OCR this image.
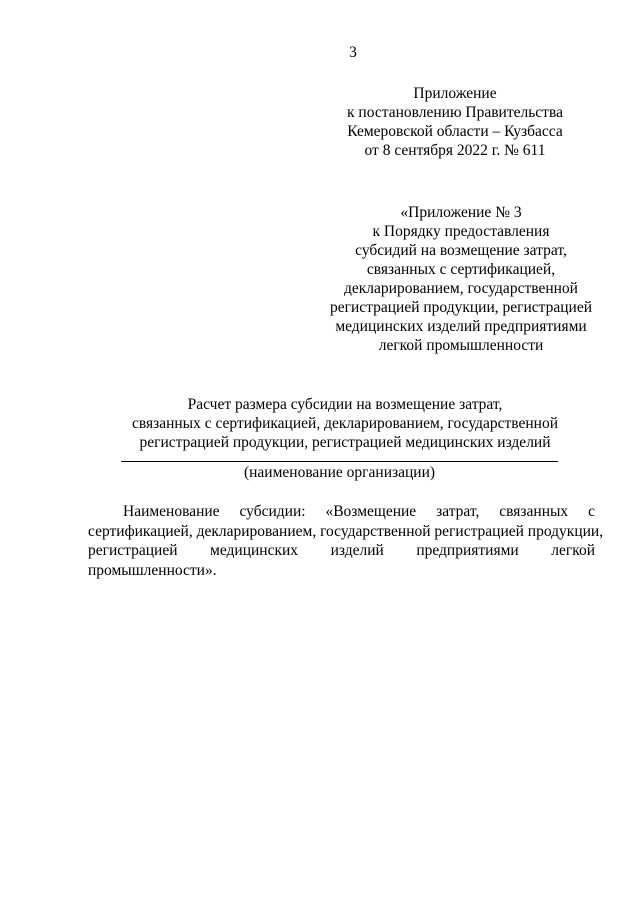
3
Приложение
к постановлению Правительства
Кемеровской области – Кузбасса
от 8 сентября 2022 г. № 611
«Приложение № 3
к Порядку предоставления
субсидий на возмещение затрат,
связанных с сертификацией,
декларированием, государственной
регистрацией продукции, регистрацией
медицинских изделий предприятиями
легкой промышленности
Расчет размера субсидии на возмещение затрат,
связанных с сертификацией, декларированием, государственной
регистрацией продукции, регистрацией медицинских изделий
(наименование организации)
Наименование субсидии: «Возмещение затрат, связанных с
сертификацией, декларированием, государственной регистрацией продукции,
регистрацией медицинских изделий предприятиями легкой
промышленности».
